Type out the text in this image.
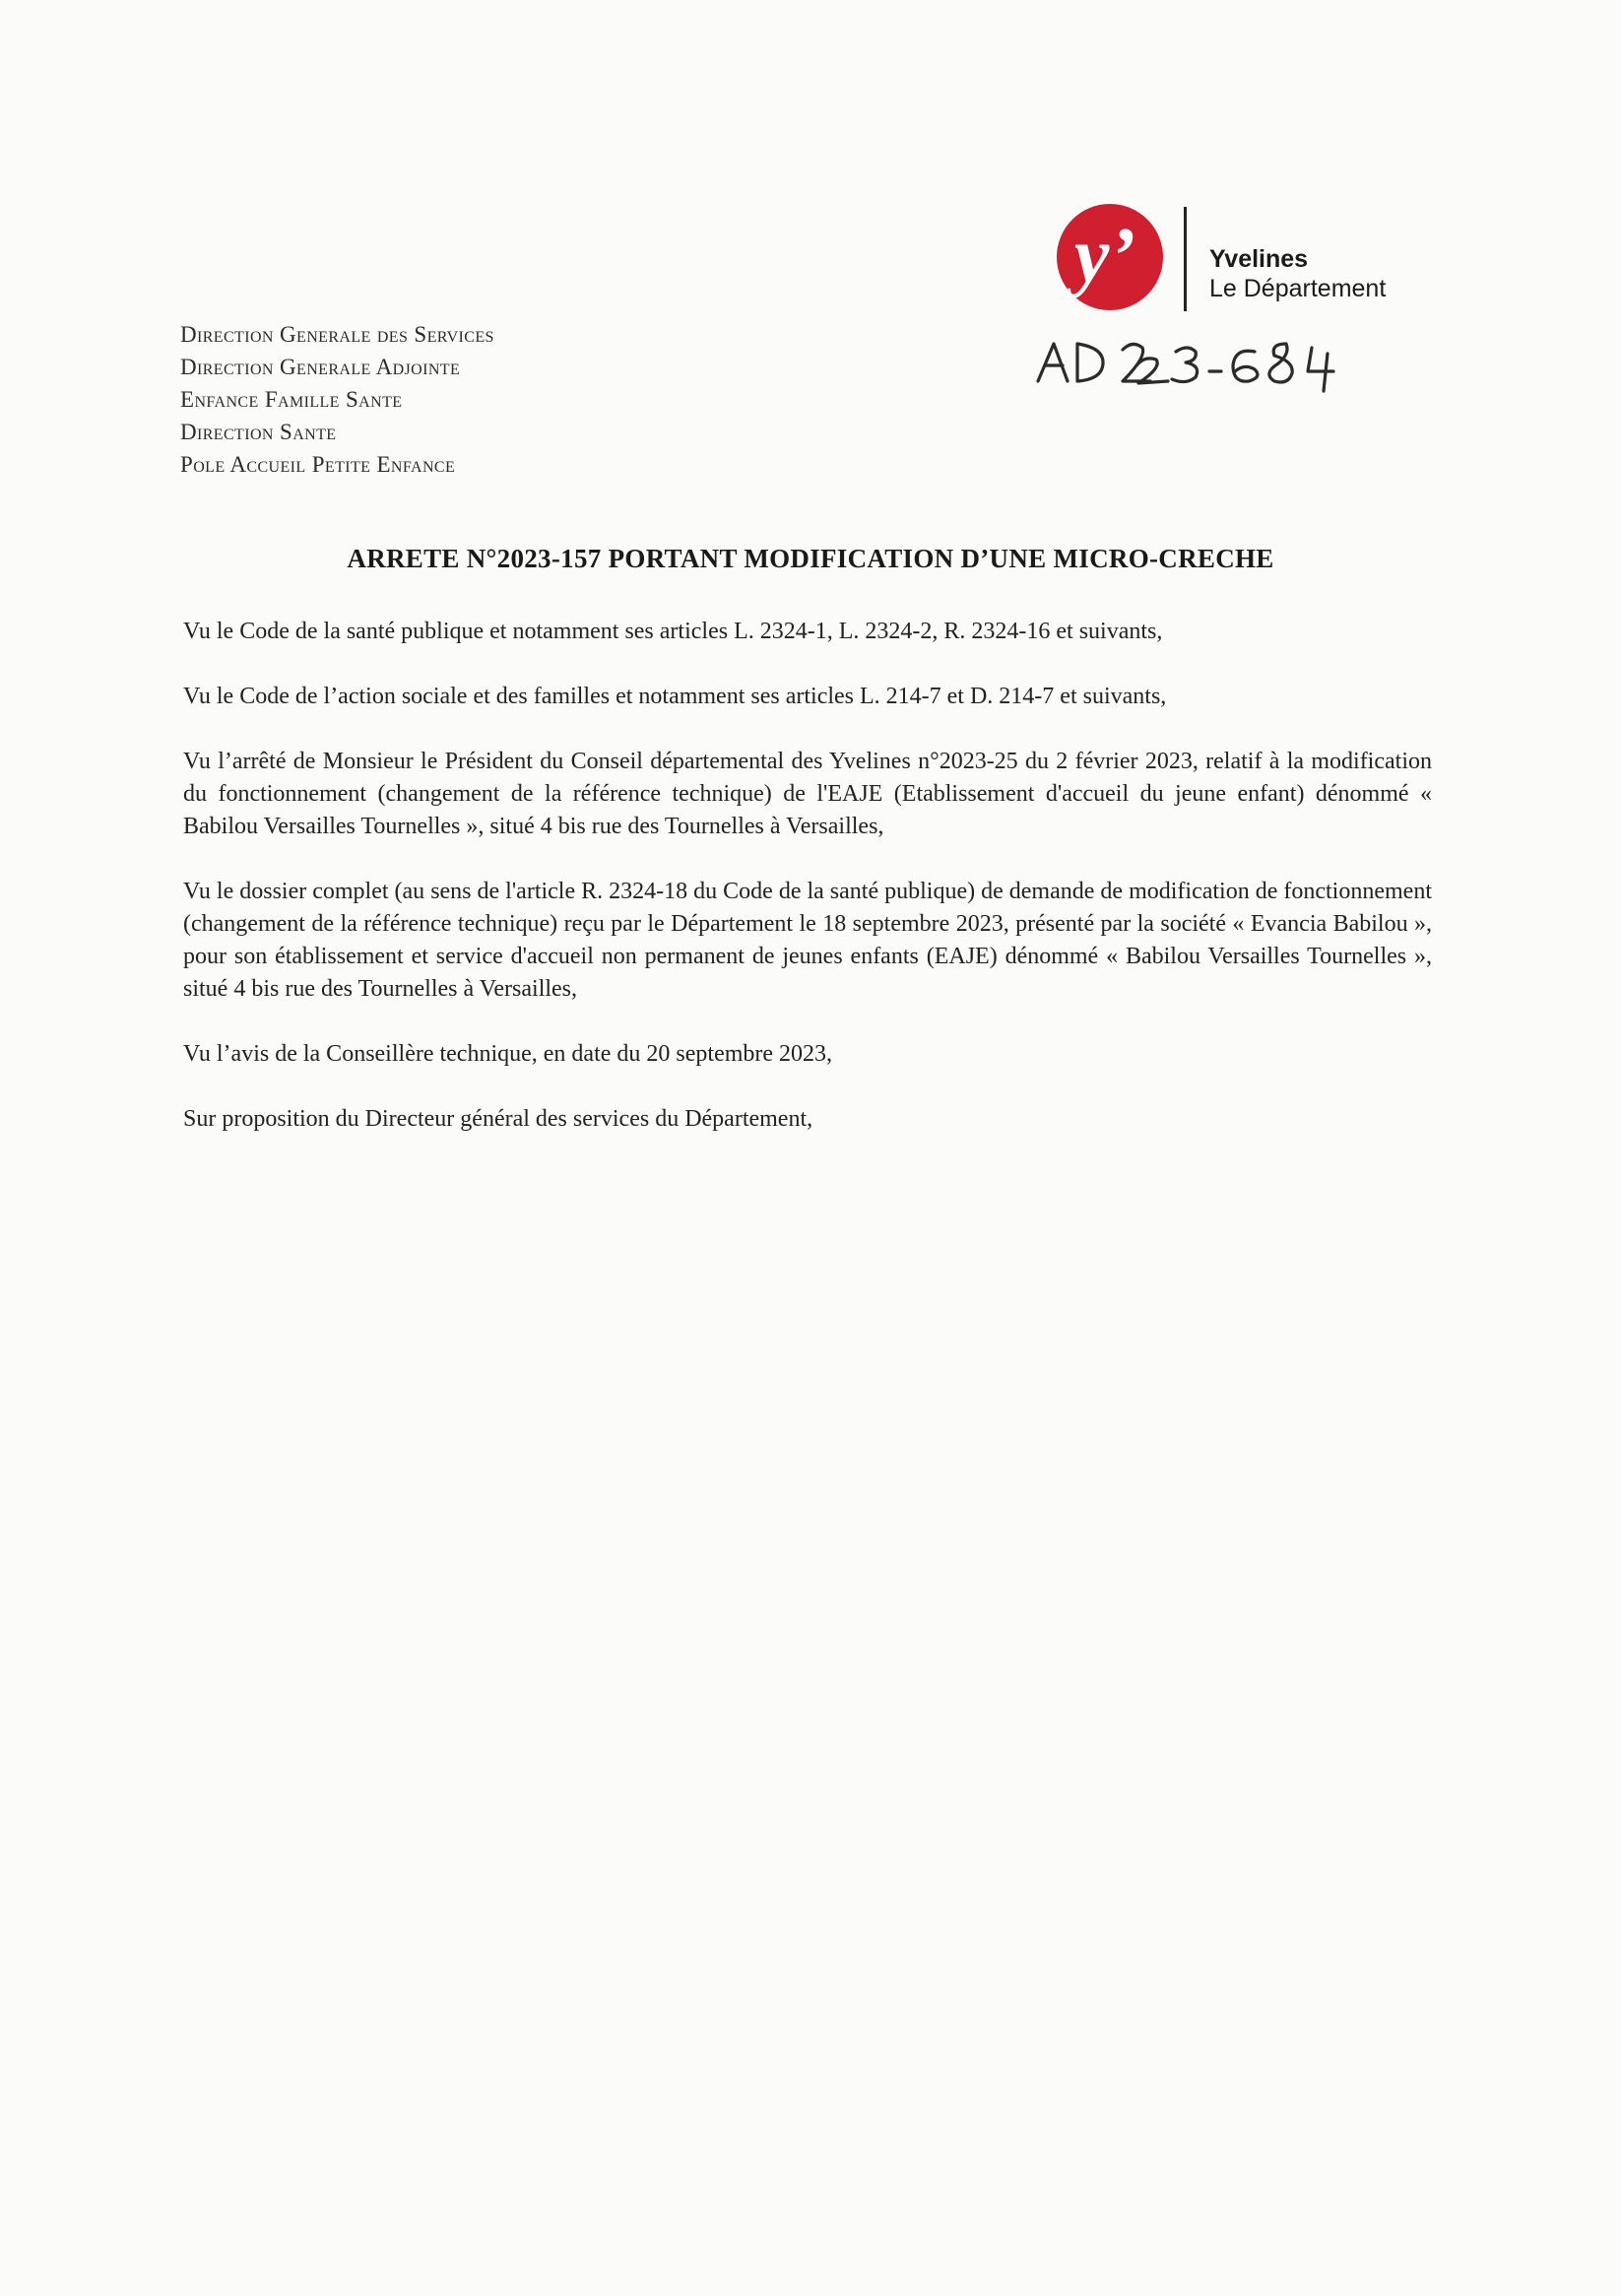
y’	Yvelines
Le Département
Direction Generale des Services
Direction Generale Adjointe
Enfance Famille Sante
Direction Sante
Pole Accueil Petite Enfance
ARRETE N°2023-157 PORTANT MODIFICATION D’UNE MICRO-CRECHE

Vu le Code de la santé publique et notamment ses articles L. 2324-1, L. 2324-2, R. 2324-16 et suivants,

Vu le Code de l’action sociale et des familles et notamment ses articles L. 214-7 et D. 214-7 et suivants,

Vu l’arrêté de Monsieur le Président du Conseil départemental des Yvelines n°2023-25 du 2 février 2023, relatif à la modification du fonctionnement (changement de la référence technique) de l'EAJE (Etablissement d'accueil du jeune enfant) dénommé « Babilou Versailles Tournelles », situé 4 bis rue des Tournelles à Versailles,

Vu le dossier complet (au sens de l'article R. 2324-18 du Code de la santé publique) de demande de modification de fonctionnement (changement de la référence technique) reçu par le Département le 18 septembre 2023, présenté par la société « Evancia Babilou », pour son établissement et service d'accueil non permanent de jeunes enfants (EAJE) dénommé « Babilou Versailles Tournelles », situé 4 bis rue des Tournelles à Versailles,

Vu l’avis de la Conseillère technique, en date du 20 septembre 2023,

Sur proposition du Directeur général des services du Département,
